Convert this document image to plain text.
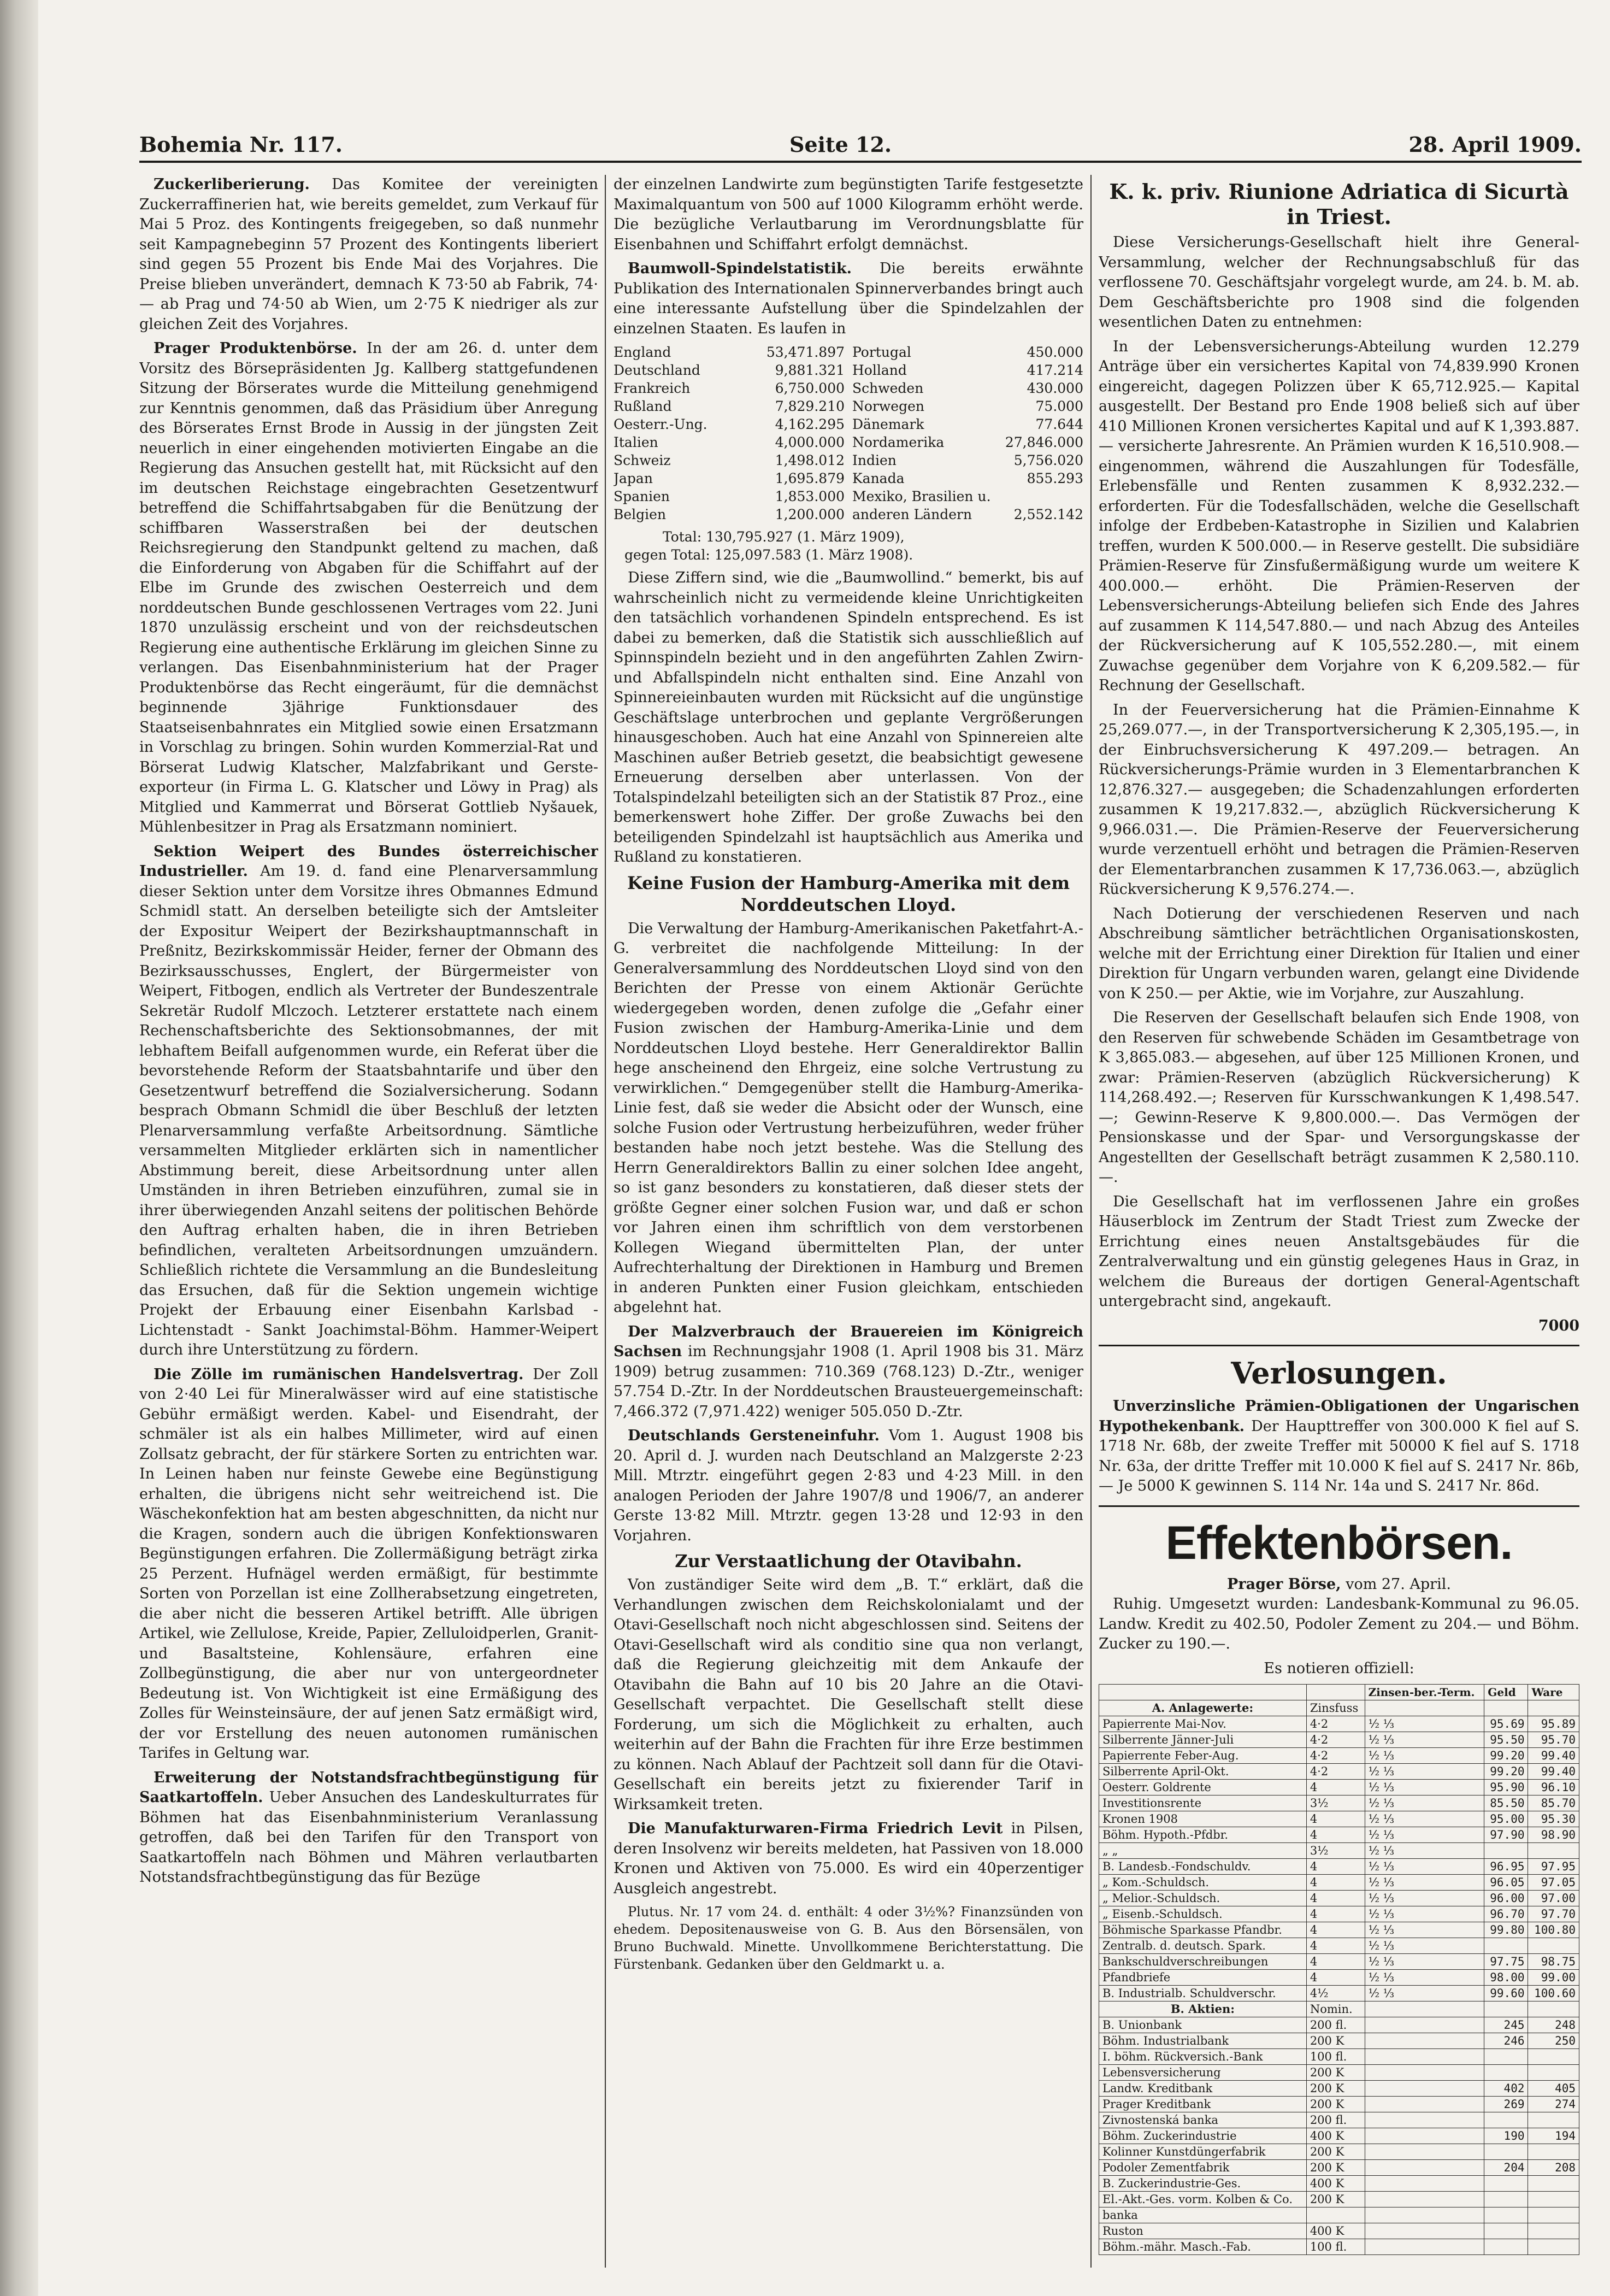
Bohemia Nr. 117.	Seite 12.	28. April 1909.

Zuckerliberierung. Das Komitee der vereinigten Zuckerraffinerien hat, wie bereits gemeldet, zum Verkauf für Mai 5 Proz. des Kontingents freigegeben, so daß nunmehr seit Kampagnebeginn 57 Prozent des Kontingents liberiert sind gegen 55 Prozent bis Ende Mai des Vorjahres. Die Preise blieben unverändert, demnach K 73·50 ab Fabrik, 74·— ab Prag und 74·50 ab Wien, um 2·75 K niedriger als zur gleichen Zeit des Vorjahres.

Prager Produktenbörse. In der am 26. d. unter dem Vorsitz des Börsepräsidenten Jg. Kallberg stattgefundenen Sitzung der Börserates wurde die Mitteilung genehmigend zur Kenntnis genommen, daß das Präsidium über Anregung des Börserates Ernst Brode in Aussig in der jüngsten Zeit neuerlich in einer eingehenden motivierten Eingabe an die Regierung das Ansuchen gestellt hat, mit Rücksicht auf den im deutschen Reichstage eingebrachten Gesetzentwurf betreffend die Schiffahrtsabgaben für die Benützung der schiffbaren Wasserstraßen bei der deutschen Reichsregierung den Standpunkt geltend zu machen, daß die Einforderung von Abgaben für die Schiffahrt auf der Elbe im Grunde des zwischen Oesterreich und dem norddeutschen Bunde geschlossenen Vertrages vom 22. Juni 1870 unzulässig erscheint und von der reichsdeutschen Regierung eine authentische Erklärung im gleichen Sinne zu verlangen. Das Eisenbahnministerium hat der Prager Produktenbörse das Recht eingeräumt, für die demnächst beginnende 3jährige Funktionsdauer des Staatseisenbahnrates ein Mitglied sowie einen Ersatzmann in Vorschlag zu bringen. Sohin wurden Kommerzial-Rat und Börserat Ludwig Klatscher, Malzfabrikant und Gerste-exporteur (in Firma L. G. Klatscher und Löwy in Prag) als Mitglied und Kammerrat und Börserat Gottlieb Nyšauek, Mühlenbesitzer in Prag als Ersatzmann nominiert.

Sektion Weipert des Bundes österreichischer Industrieller. Am 19. d. fand eine Plenarversammlung dieser Sektion unter dem Vorsitze ihres Obmannes Edmund Schmidl statt. An derselben beteiligte sich der Amtsleiter der Expositur Weipert der Bezirkshauptmannschaft in Preßnitz, Bezirkskommissär Heider, ferner der Obmann des Bezirksausschusses, Englert, der Bürgermeister von Weipert, Fitbogen, endlich als Vertreter der Bundeszentrale Sekretär Rudolf Mlczoch. Letzterer erstattete nach einem Rechenschaftsberichte des Sektionsobmannes, der mit lebhaftem Beifall aufgenommen wurde, ein Referat über die bevorstehende Reform der Staatsbahntarife und über den Gesetzentwurf betreffend die Sozialversicherung. Sodann besprach Obmann Schmidl die über Beschluß der letzten Plenarversammlung verfaßte Arbeitsordnung. Sämtliche versammelten Mitglieder erklärten sich in namentlicher Abstimmung bereit, diese Arbeitsordnung unter allen Umständen in ihren Betrieben einzuführen, zumal sie in ihrer überwiegenden Anzahl seitens der politischen Behörde den Auftrag erhalten haben, die in ihren Betrieben befindlichen, veralteten Arbeitsordnungen umzuändern. Schließlich richtete die Versammlung an die Bundesleitung das Ersuchen, daß für die Sektion ungemein wichtige Projekt der Erbauung einer Eisenbahn Karlsbad - Lichtenstadt - Sankt Joachimstal-Böhm. Hammer-Weipert durch ihre Unterstützung zu fördern.

Die Zölle im rumänischen Handelsvertrag. Der Zoll von 2·40 Lei für Mineralwässer wird auf eine statistische Gebühr ermäßigt werden. Kabel- und Eisendraht, der schmäler ist als ein halbes Millimeter, wird auf einen Zollsatz gebracht, der für stärkere Sorten zu entrichten war. In Leinen haben nur feinste Gewebe eine Begünstigung erhalten, die übrigens nicht sehr weitreichend ist. Die Wäschekonfektion hat am besten abgeschnitten, da nicht nur die Kragen, sondern auch die übrigen Konfektionswaren Begünstigungen erfahren. Die Zollermäßigung beträgt zirka 25 Perzent. Hufnägel werden ermäßigt, für bestimmte Sorten von Porzellan ist eine Zollherabsetzung eingetreten, die aber nicht die besseren Artikel betrifft. Alle übrigen Artikel, wie Zellulose, Kreide, Papier, Zelluloidperlen, Granit- und Basaltsteine, Kohlensäure, erfahren eine Zollbegünstigung, die aber nur von untergeordneter Bedeutung ist. Von Wichtigkeit ist eine Ermäßigung des Zolles für Weinsteinsäure, der auf jenen Satz ermäßigt wird, der vor Erstellung des neuen autonomen rumänischen Tarifes in Geltung war.

Erweiterung der Notstandsfrachtbegünstigung für Saatkartoffeln. Ueber Ansuchen des Landeskulturrates für Böhmen hat das Eisenbahnministerium Veranlassung getroffen, daß bei den Tarifen für den Transport von Saatkartoffeln nach Böhmen und Mähren verlautbarten Notstandsfrachtbegünstigung das für Bezüge

der einzelnen Landwirte zum begünstigten Tarife festgesetzte Maximalquantum von 500 auf 1000 Kilogramm erhöht werde. Die bezügliche Verlautbarung im Verordnungsblatte für Eisenbahnen und Schiffahrt erfolgt demnächst.

Baumwoll-Spindelstatistik. Die bereits erwähnte Publikation des Internationalen Spinnerverbandes bringt auch eine interessante Aufstellung über die Spindelzahlen der einzelnen Staaten. Es laufen in

England	53,471.897 Portugal	450.000
Deutschland	9,881.321 Holland	417.214
Frankreich	6,750.000 Schweden	430.000
Rußland	7,829.210 Norwegen	75.000
Oesterr.-Ung.	4,162.295 Dänemark	77.644
Italien	4,000.000 Nordamerika	27,846.000
Schweiz	1,498.012 Indien	5,756.020
Japan	1,695.879 Kanada	855.293
Spanien	1,853.000 Mexiko, Brasilien u.
Belgien	1,200.000 anderen Ländern	2,552.142
Total: 130,795.927 (1. März 1909),
gegen Total: 125,097.583 (1. März 1908).

Diese Ziffern sind, wie die „Baumwollind.“ bemerkt, bis auf wahrscheinlich nicht zu vermeidende kleine Unrichtigkeiten den tatsächlich vorhandenen Spindeln entsprechend. Es ist dabei zu bemerken, daß die Statistik sich ausschließlich auf Spinnspindeln bezieht und in den angeführten Zahlen Zwirn- und Abfallspindeln nicht enthalten sind. Eine Anzahl von Spinnereieinbauten wurden mit Rücksicht auf die ungünstige Geschäftslage unterbrochen und geplante Vergrößerungen hinausgeschoben. Auch hat eine Anzahl von Spinnereien alte Maschinen außer Betrieb gesetzt, die beabsichtigt gewesene Erneuerung derselben aber unterlassen. Von der Totalspindelzahl beteiligten sich an der Statistik 87 Proz., eine bemerkenswert hohe Ziffer. Der große Zuwachs bei den beteiligenden Spindelzahl ist hauptsächlich aus Amerika und Rußland zu konstatieren.

Keine Fusion der Hamburg-Amerika mit dem Norddeutschen Lloyd.

Die Verwaltung der Hamburg-Amerikanischen Paketfahrt-A.-G. verbreitet die nachfolgende Mitteilung: In der Generalversammlung des Norddeutschen Lloyd sind von den Berichten der Presse von einem Aktionär Gerüchte wiedergegeben worden, denen zufolge die „Gefahr einer Fusion zwischen der Hamburg-Amerika-Linie und dem Norddeutschen Lloyd bestehe. Herr Generaldirektor Ballin hege anscheinend den Ehrgeiz, eine solche Vertrustung zu verwirklichen.“ Demgegenüber stellt die Hamburg-Amerika-Linie fest, daß sie weder die Absicht oder der Wunsch, eine solche Fusion oder Vertrustung herbeizuführen, weder früher bestanden habe noch jetzt bestehe. Was die Stellung des Herrn Generaldirektors Ballin zu einer solchen Idee angeht, so ist ganz besonders zu konstatieren, daß dieser stets der größte Gegner einer solchen Fusion war, und daß er schon vor Jahren einen ihm schriftlich von dem verstorbenen Kollegen Wiegand übermittelten Plan, der unter Aufrechterhaltung der Direktionen in Hamburg und Bremen in anderen Punkten einer Fusion gleichkam, entschieden abgelehnt hat.

Der Malzverbrauch der Brauereien im Königreich Sachsen im Rechnungsjahr 1908 (1. April 1908 bis 31. März 1909) betrug zusammen: 710.369 (768.123) D.-Ztr., weniger 57.754 D.-Ztr. In der Norddeutschen Brausteuergemeinschaft: 7,466.372 (7,971.422) weniger 505.050 D.-Ztr.

Deutschlands Gersteneinfuhr. Vom 1. August 1908 bis 20. April d. J. wurden nach Deutschland an Malzgerste 2·23 Mill. Mtrztr. eingeführt gegen 2·83 und 4·23 Mill. in den analogen Perioden der Jahre 1907/8 und 1906/7, an anderer Gerste 13·82 Mill. Mtrztr. gegen 13·28 und 12·93 in den Vorjahren.

Zur Verstaatlichung der Otavibahn.

Von zuständiger Seite wird dem „B. T.“ erklärt, daß die Verhandlungen zwischen dem Reichskolonialamt und der Otavi-Gesellschaft noch nicht abgeschlossen sind. Seitens der Otavi-Gesellschaft wird als conditio sine qua non verlangt, daß die Regierung gleichzeitig mit dem Ankaufe der Otavibahn die Bahn auf 10 bis 20 Jahre an die Otavi-Gesellschaft verpachtet. Die Gesellschaft stellt diese Forderung, um sich die Möglichkeit zu erhalten, auch weiterhin auf der Bahn die Frachten für ihre Erze bestimmen zu können. Nach Ablauf der Pachtzeit soll dann für die Otavi-Gesellschaft ein bereits jetzt zu fixierender Tarif in Wirksamkeit treten.

Die Manufakturwaren-Firma Friedrich Levit in Pilsen, deren Insolvenz wir bereits meldeten, hat Passiven von 18.000 Kronen und Aktiven von 75.000. Es wird ein 40perzentiger Ausgleich angestrebt.

Plutus. Nr. 17 vom 24. d. enthält: 4 oder 3½%? Finanzsünden von ehedem. Depositenausweise von G. B. Aus den Börsensälen, von Bruno Buchwald. Minette. Unvollkommene Berichterstattung. Die Fürstenbank. Gedanken über den Geldmarkt u. a.

K. k. priv. Riunione Adriatica di Sicurtà in Triest.

Diese Versicherungs-Gesellschaft hielt ihre General-Versammlung, welcher der Rechnungsabschluß für das verflossene 70. Geschäftsjahr vorgelegt wurde, am 24. b. M. ab. Dem Geschäftsberichte pro 1908 sind die folgenden wesentlichen Daten zu entnehmen:

In der Lebensversicherungs-Abteilung wurden 12.279 Anträge über ein versichertes Kapital von 74,839.990 Kronen eingereicht, dagegen Polizzen über K 65,712.925.— Kapital ausgestellt. Der Bestand pro Ende 1908 beließ sich auf über 410 Millionen Kronen versichertes Kapital und auf K 1,393.887.— versicherte Jahresrente. An Prämien wurden K 16,510.908.— eingenommen, während die Auszahlungen für Todesfälle, Erlebensfälle und Renten zusammen K 8,932.232.— erforderten. Für die Todesfallschäden, welche die Gesellschaft infolge der Erdbeben-Katastrophe in Sizilien und Kalabrien treffen, wurden K 500.000.— in Reserve gestellt. Die subsidiäre Prämien-Reserve für Zinsfußermäßigung wurde um weitere K 400.000.— erhöht. Die Prämien-Reserven der Lebensversicherungs-Abteilung beliefen sich Ende des Jahres auf zusammen K 114,547.880.— und nach Abzug des Anteiles der Rückversicherung auf K 105,552.280.—, mit einem Zuwachse gegenüber dem Vorjahre von K 6,209.582.— für Rechnung der Gesellschaft.

In der Feuerversicherung hat die Prämien-Einnahme K 25,269.077.—, in der Transportversicherung K 2,305,195.—, in der Einbruchsversicherung K 497.209.— betragen. An Rückversicherungs-Prämie wurden in 3 Elementarbranchen K 12,876.327.— ausgegeben; die Schadenzahlungen erforderten zusammen K 19,217.832.—, abzüglich Rückversicherung K 9,966.031.—. Die Prämien-Reserve der Feuerversicherung wurde verzentuell erhöht und betragen die Prämien-Reserven der Elementarbranchen zusammen K 17,736.063.—, abzüglich Rückversicherung K 9,576.274.—.

Nach Dotierung der verschiedenen Reserven und nach Abschreibung sämtlicher beträchtlichen Organisationskosten, welche mit der Errichtung einer Direktion für Italien und einer Direktion für Ungarn verbunden waren, gelangt eine Dividende von K 250.— per Aktie, wie im Vorjahre, zur Auszahlung.

Die Reserven der Gesellschaft belaufen sich Ende 1908, von den Reserven für schwebende Schäden im Gesamtbetrage von K 3,865.083.— abgesehen, auf über 125 Millionen Kronen, und zwar: Prämien-Reserven (abzüglich Rückversicherung) K 114,268.492.—; Reserven für Kursschwankungen K 1,498.547.—; Gewinn-Reserve K 9,800.000.—. Das Vermögen der Pensionskasse und der Spar- und Versorgungskasse der Angestellten der Gesellschaft beträgt zusammen K 2,580.110.—.

Die Gesellschaft hat im verflossenen Jahre ein großes Häuserblock im Zentrum der Stadt Triest zum Zwecke der Errichtung eines neuen Anstaltsgebäudes für die Zentralverwaltung und ein günstig gelegenes Haus in Graz, in welchem die Bureaus der dortigen General-Agentschaft untergebracht sind, angekauft.

7000
Verlosungen.

Unverzinsliche Prämien-Obligationen der Ungarischen Hypothekenbank. Der Haupttreffer von 300.000 K fiel auf S. 1718 Nr. 68b, der zweite Treffer mit 50000 K fiel auf S. 1718 Nr. 63a, der dritte Treffer mit 10.000 K fiel auf S. 2417 Nr. 86b, — Je 5000 K gewinnen S. 114 Nr. 14a und S. 2417 Nr. 86d.

Effektenbörsen.
Prager Börse, vom 27. April.

Ruhig. Umgesetzt wurden: Landesbank-Kommunal zu 96.05. Landw. Kredit zu 402.50, Podoler Zement zu 204.— und Böhm. Zucker zu 190.—.

Es notieren offiziell:
		Zinsen-ber.-Term.	Geld	Ware
A. Anlagewerte:	Zinsfuss			
Papierrente Mai-Nov.	4·2	½ ⅓	95.69	95.89
Silberrente Jänner-Juli	4·2	½ ⅓	95.50	95.70
Papierrente Feber-Aug.	4·2	½ ⅓	99.20	99.40
Silberrente April-Okt.	4·2	½ ⅓	99.20	99.40
Oesterr. Goldrente	4	½ ⅓	95.90	96.10
Investitionsrente	3½	½ ⅓	85.50	85.70
Kronen 1908	4	½ ⅓	95.00	95.30
Böhm. Hypoth.-Pfdbr.	4	½ ⅓	97.90	98.90
„ „	3½	½ ⅓		
B. Landesb.-Fondschuldv.	4	½ ⅓	96.95	97.95
„ Kom.-Schuldsch.	4	½ ⅓	96.05	97.05
„ Melior.-Schuldsch.	4	½ ⅓	96.00	97.00
„ Eisenb.-Schuldsch.	4	½ ⅓	96.70	97.70
Böhmische Sparkasse Pfandbr.	4	½ ⅓	99.80	100.80
Zentralb. d. deutsch. Spark.	4	½ ⅓		
Bankschuldverschreibungen	4	½ ⅓	97.75	98.75
Pfandbriefe	4	½ ⅓	98.00	99.00
B. Industrialb. Schuldverschr.	4½	½ ⅓	99.60	100.60
B. Aktien:	Nomin.			
B. Unionbank	200 fl.		245	248
Böhm. Industrialbank	200 K		246	250
I. böhm. Rückversich.-Bank	100 fl.			
Lebensversicherung	200 K			
Landw. Kreditbank	200 K		402	405
Prager Kreditbank	200 K		269	274
Zivnostenská banka	200 fl.			
Böhm. Zuckerindustrie	400 K		190	194
Kolinner Kunstdüngerfabrik	200 K			
Podoler Zementfabrik	200 K		204	208
B. Zuckerindustrie-Ges.	400 K			
El.-Akt.-Ges. vorm. Kolben & Co.	200 K			
banka				
Ruston	400 K			
Böhm.-mähr. Masch.-Fab.	100 fl.			
